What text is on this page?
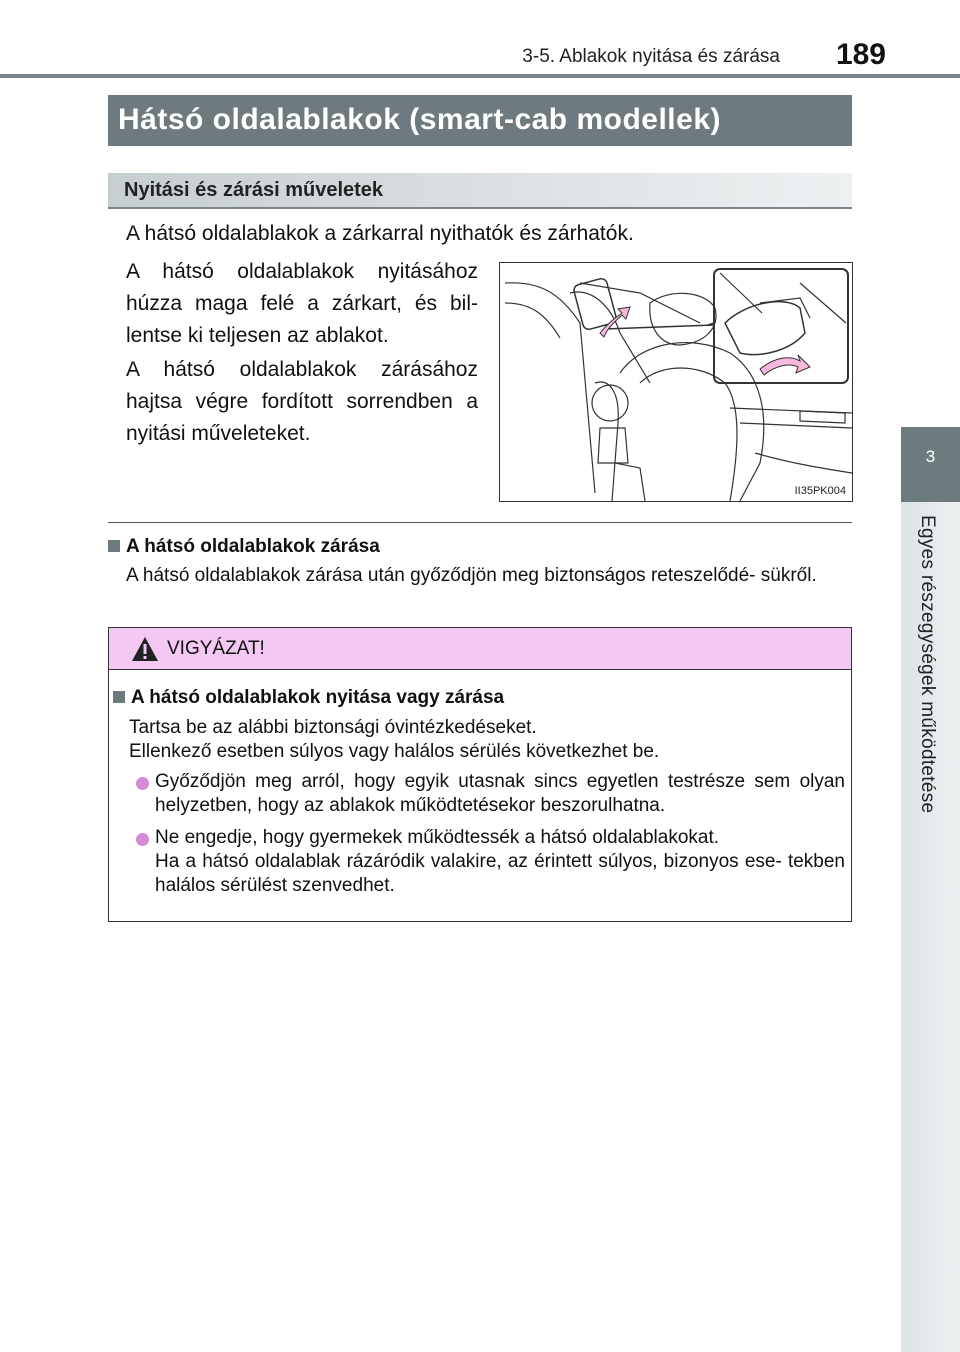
3-5. Ablakok nyitása és zárása 189
3
Egyes részegységek működtetése
Hátsó oldalablakok (smart-cab modellek)
Nyitási és zárási műveletek
A hátsó oldalablakok a zárkarral nyithatók és zárhatók.
A hátsó oldalablakok nyitásához húzza maga felé a zárkart, és bil- lentse ki teljesen az ablakot.
A hátsó oldalablakok zárásához hajtsa végre fordított sorrendben a nyitási műveleteket.
II35PK004
A hátsó oldalablakok zárása
A hátsó oldalablakok zárása után győződjön meg biztonságos reteszelődé- sükről.
VIGYÁZAT!
A hátsó oldalablakok nyitása vagy zárása
Tartsa be az alábbi biztonsági óvintézkedéseket.
Ellenkező esetben súlyos vagy halálos sérülés következhet be.
Győződjön meg arról, hogy egyik utasnak sincs egyetlen testrésze sem olyan helyzetben, hogy az ablakok működtetésekor beszorulhatna.
Ne engedje, hogy gyermekek működtessék a hátsó oldalablakokat.
Ha a hátsó oldalablak rázáródik valakire, az érintett súlyos, bizonyos ese- tekben halálos sérülést szenvedhet.
